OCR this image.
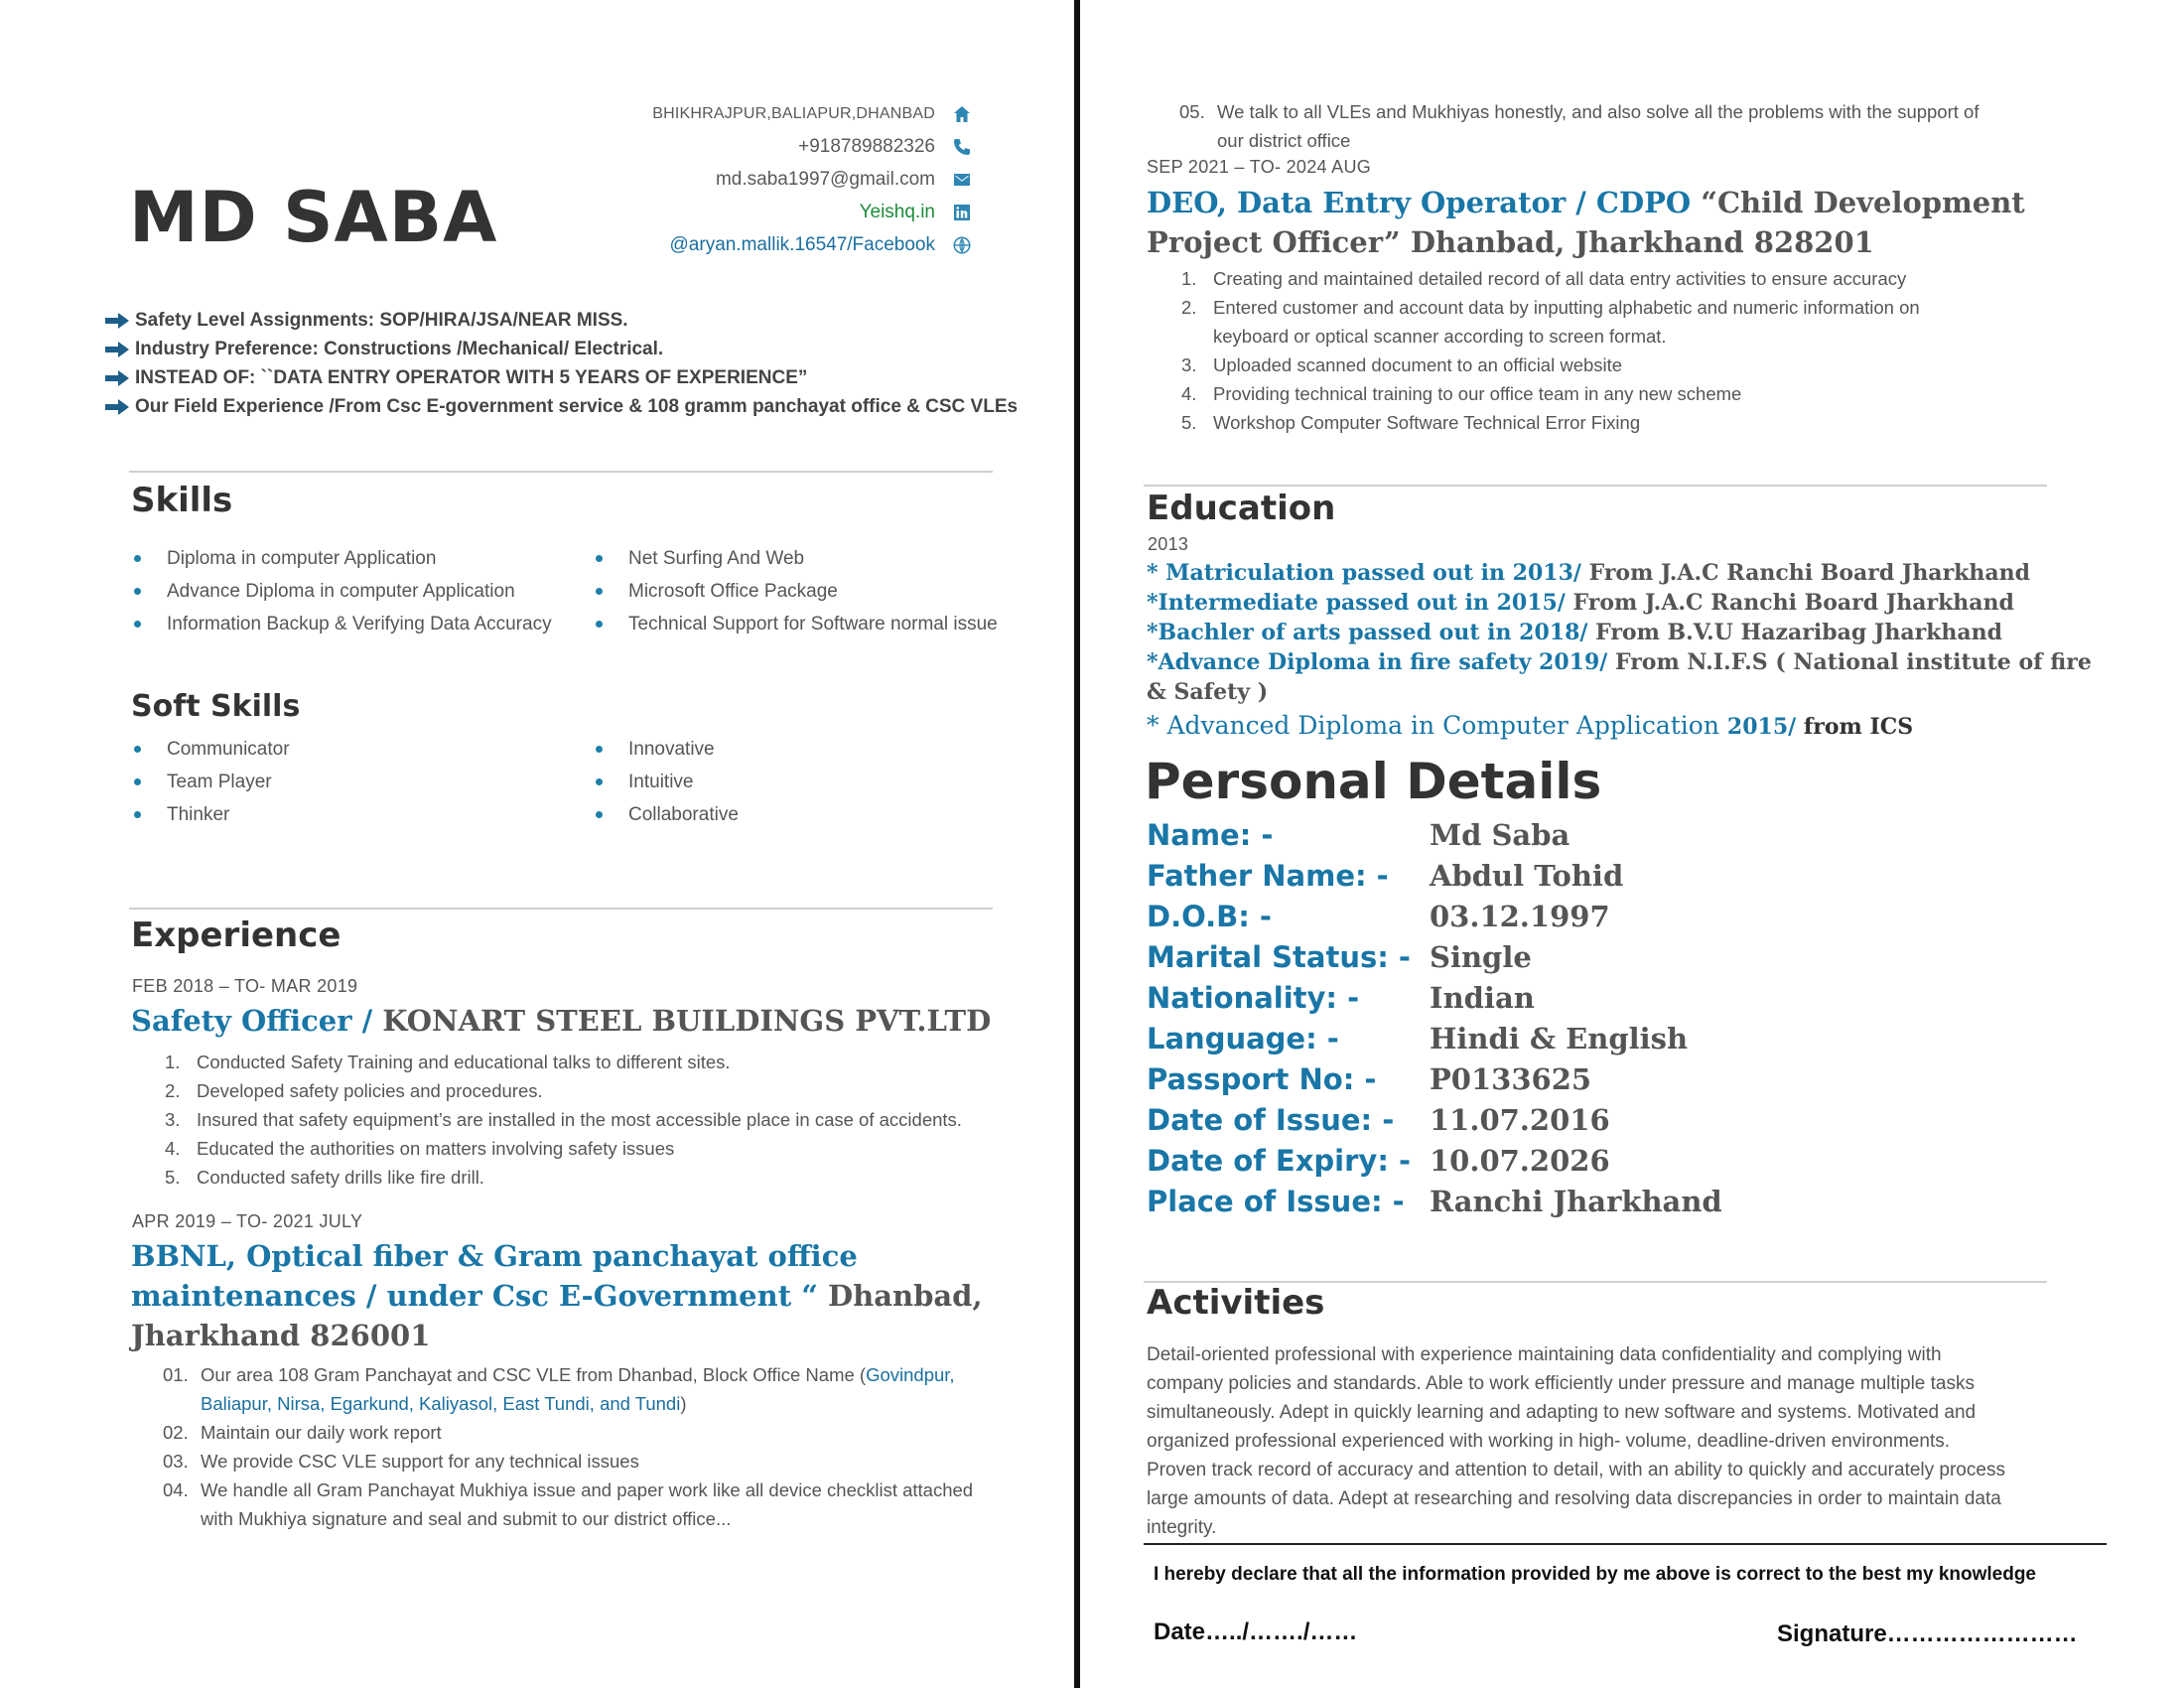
BHIKHRAJPUR,BALIAPUR,DHANBAD
+918789882326
md.saba1997@gmail.com
Yeishq.in
@aryan.mallik.16547/Facebook
MD SABA
Safety Level Assignments: SOP/HIRA/JSA/NEAR MISS.
Industry Preference: Constructions /Mechanical/ Electrical.
INSTEAD OF: ``DATA ENTRY OPERATOR WITH 5 YEARS OF EXPERIENCE”
Our Field Experience /From Csc E-government service & 108 gramm panchayat office & CSC VLEs
Skills
Diploma in computer Application
Advance Diploma in computer Application
Information Backup & Verifying Data Accuracy
Net Surfing And Web
Microsoft Office Package
Technical Support for Software normal issue
Soft Skills
Communicator
Team Player
Thinker
Innovative
Intuitive
Collaborative
Experience
FEB 2018 – TO- MAR 2019
Safety Officer / KONART STEEL BUILDINGS PVT.LTD
1. Conducted Safety Training and educational talks to different sites.
2. Developed safety policies and procedures.
3. Insured that safety equipment’s are installed in the most accessible place in case of accidents.
4. Educated the authorities on matters involving safety issues
5. Conducted safety drills like fire drill.
APR 2019 – TO- 2021 JULY
BBNL, Optical fiber & Gram panchayat office
maintenances / under Csc E-Government “ Dhanbad,
Jharkhand 826001
01. Our area 108 Gram Panchayat and CSC VLE from Dhanbad, Block Office Name (Govindpur,
Baliapur, Nirsa, Egarkund, Kaliyasol, East Tundi, and Tundi)
02. Maintain our daily work report
03. We provide CSC VLE support for any technical issues
04. We handle all Gram Panchayat Mukhiya issue and paper work like all device checklist attached
with Mukhiya signature and seal and submit to our district office...
05. We talk to all VLEs and Mukhiyas honestly, and also solve all the problems with the support of
our district office
SEP 2021 – TO- 2024 AUG
DEO, Data Entry Operator / CDPO “Child Development
Project Officer” Dhanbad, Jharkhand 828201
1. Creating and maintained detailed record of all data entry activities to ensure accuracy
2. Entered customer and account data by inputting alphabetic and numeric information on
keyboard or optical scanner according to screen format.
3. Uploaded scanned document to an official website
4. Providing technical training to our office team in any new scheme
5. Workshop Computer Software Technical Error Fixing
Education
2013
* Matriculation passed out in 2013/ From J.A.C Ranchi Board Jharkhand
*Intermediate passed out in 2015/ From J.A.C Ranchi Board Jharkhand
*Bachler of arts passed out in 2018/ From B.V.U Hazaribag Jharkhand
*Advance Diploma in fire safety 2019/ From N.I.F.S ( National institute of fire
& Safety )
* Advanced Diploma in Computer Application 2015/ from ICS
Personal Details
Name: -	Md Saba
Father Name: -	Abdul Tohid
D.O.B: -	03.12.1997
Marital Status: - Single
Nationality: -	Indian
Language: -	Hindi & English
Passport No: -	P0133625
Date of Issue: -	11.07.2016
Date of Expiry: - 10.07.2026
Place of Issue: - Ranchi Jharkhand
Activities
Detail-oriented professional with experience maintaining data confidentiality and complying with
company policies and standards. Able to work efficiently under pressure and manage multiple tasks
simultaneously. Adept in quickly learning and adapting to new software and systems. Motivated and
organized professional experienced with working in high- volume, deadline-driven environments.
Proven track record of accuracy and attention to detail, with an ability to quickly and accurately process
large amounts of data. Adept at researching and resolving data discrepancies in order to maintain data
integrity.
I hereby declare that all the information provided by me above is correct to the best my knowledge
Date…../……./……	Signature……………………
